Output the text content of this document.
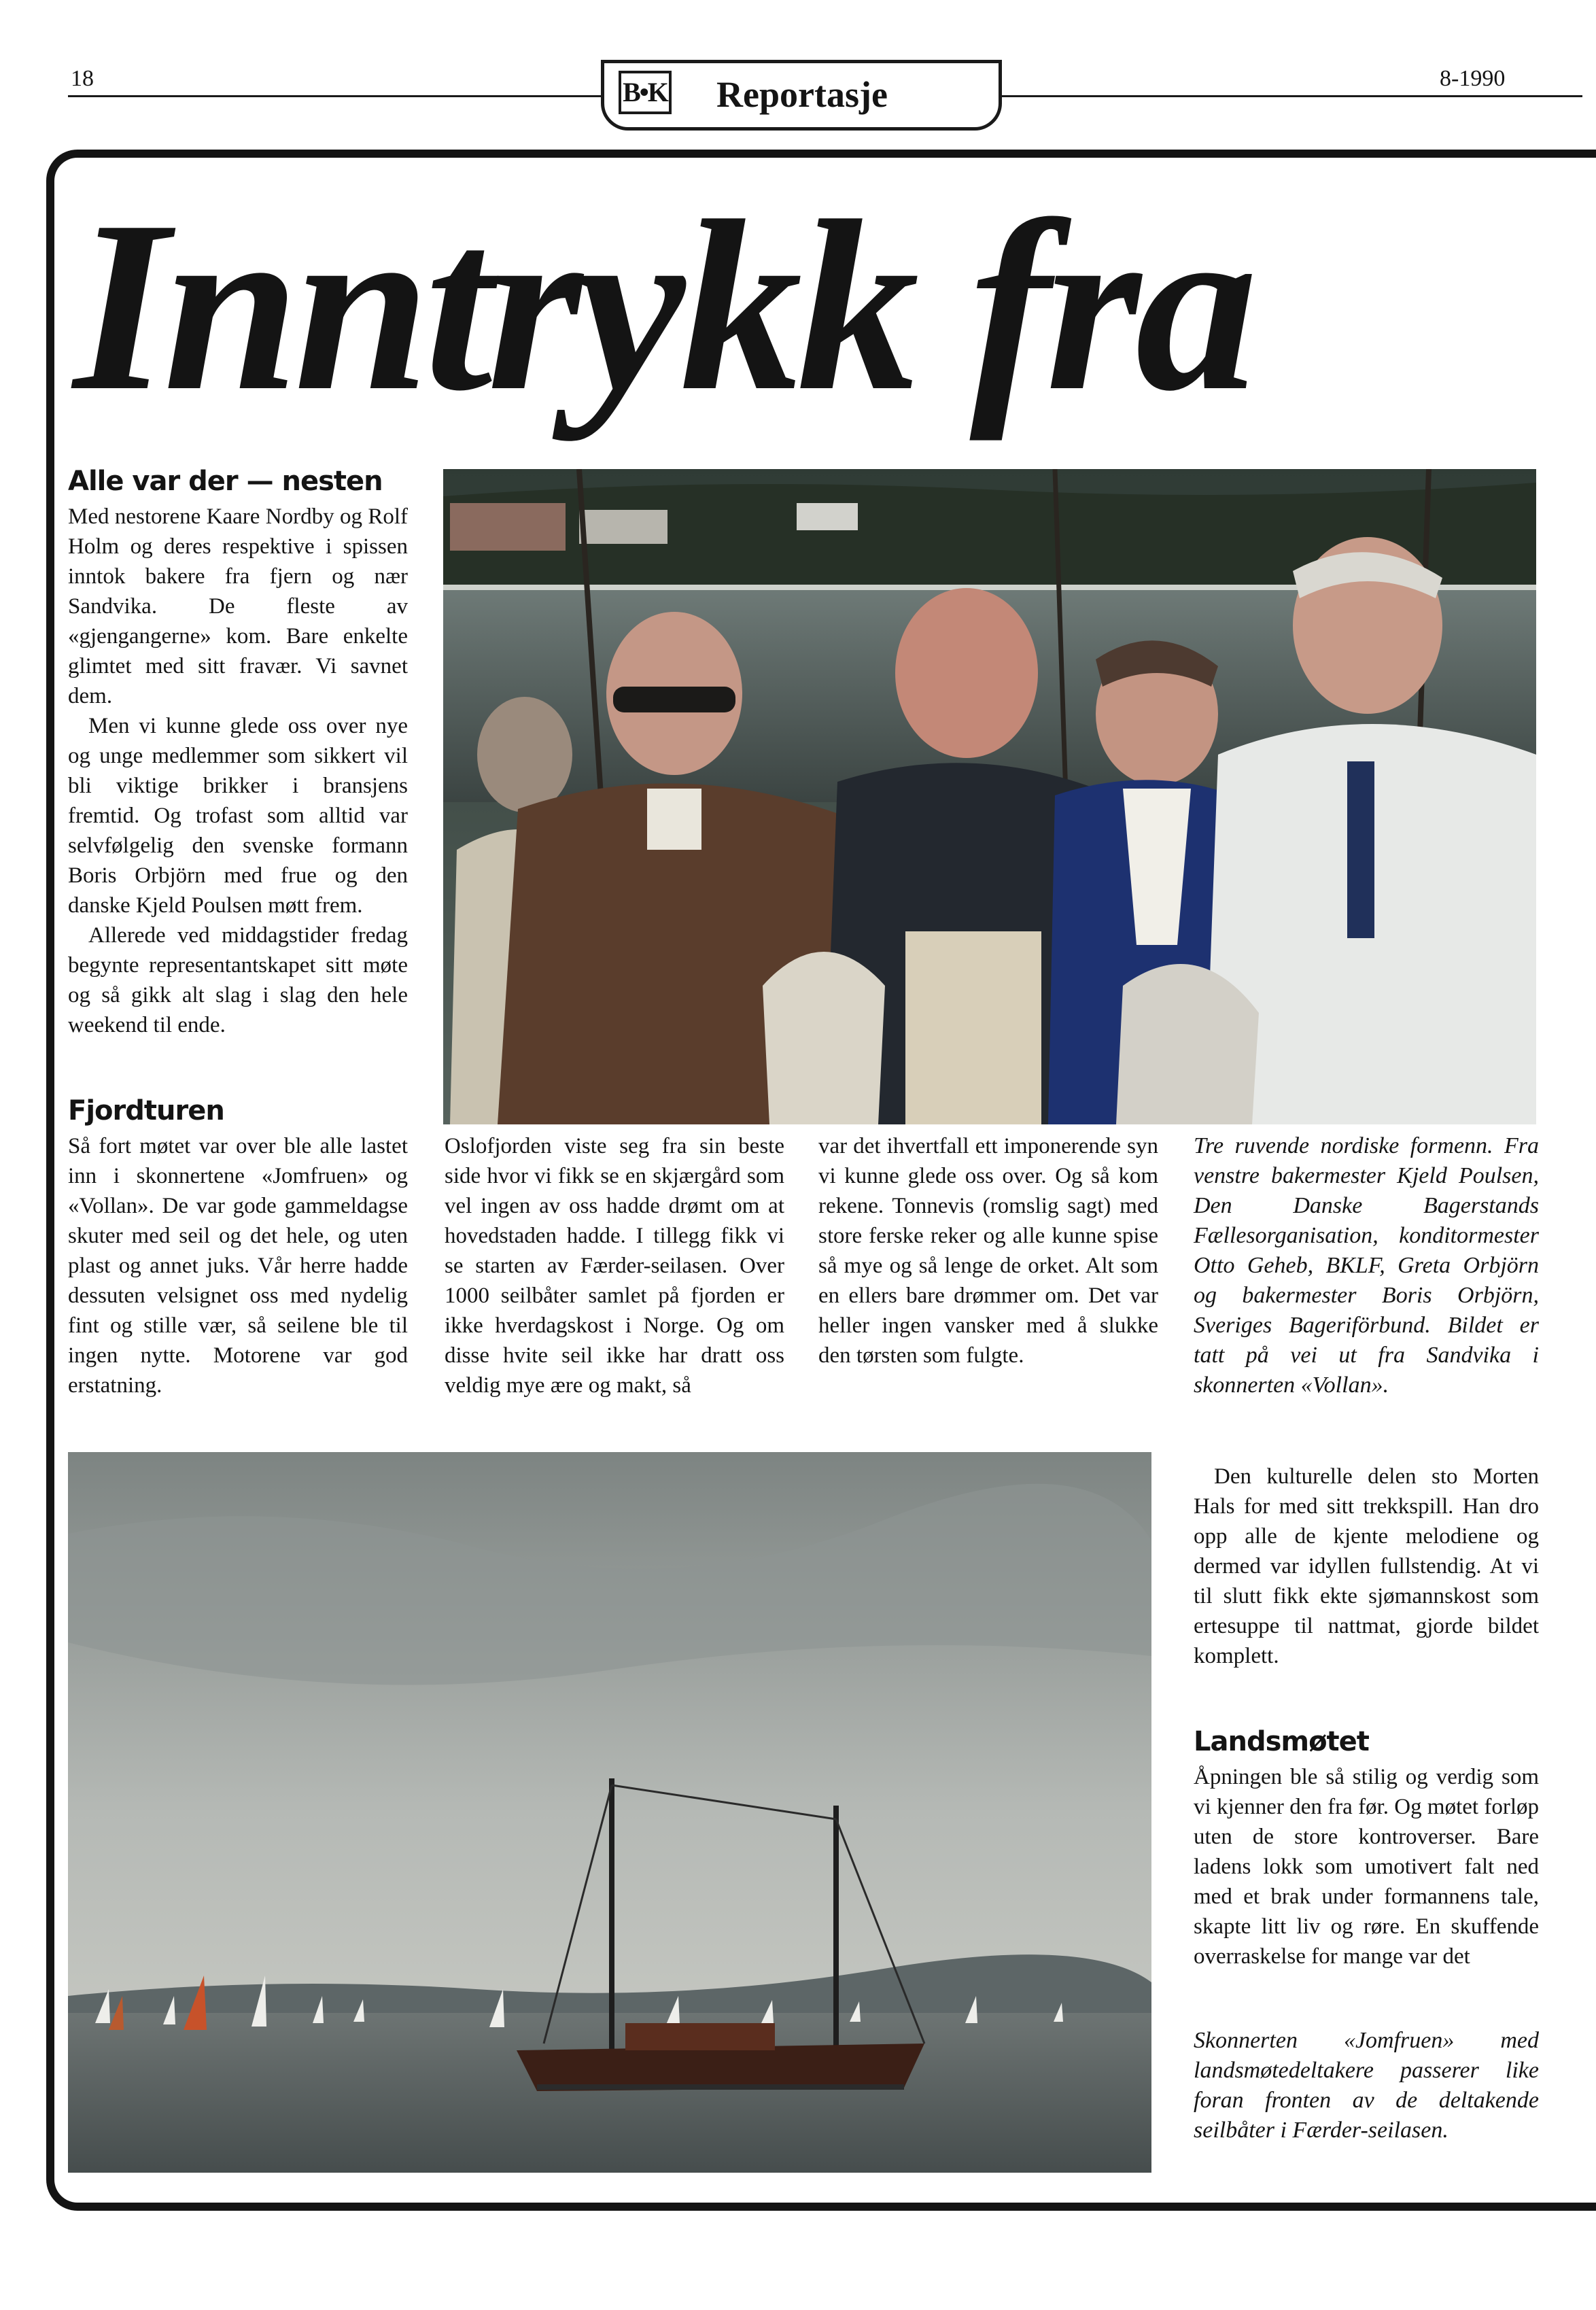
18	B•K Reportasje	8-1990
Inntrykk fra
Alle var der — nesten

Med nestorene Kaare Nordby og Rolf Holm og deres respektive i spissen inntok bakere fra fjern og nær Sandvika. De fleste av «gjengangerne» kom. Bare enkelte glimtet med sitt fravær. Vi savnet dem.

Men vi kunne glede oss over nye og unge medlemmer som sikkert vil bli viktige brikker i bransjens fremtid. Og trofast som alltid var selvfølgelig den svenske formann Boris Orbjörn med frue og den danske Kjeld Poulsen møtt frem.

Allerede ved middagstider fredag begynte representantskapet sitt møte og så gikk alt slag i slag den hele weekend til ende.

Fjordturen

Så fort møtet var over ble alle lastet inn i skonnertene «Jomfruen» og «Vollan». De var gode gammeldagse skuter med seil og det hele, og uten plast og annet juks. Vår herre hadde dessuten velsignet oss med nydelig fint og stille vær, så seilene ble til ingen nytte. Motorene var god erstatning.

Oslofjorden viste seg fra sin beste side hvor vi fikk se en skjærgård som vel ingen av oss hadde drømt om at hovedstaden hadde. I tillegg fikk vi se starten av Færder-seilasen. Over 1000 seilbåter samlet på fjorden er ikke hverdagskost i Norge. Og om disse hvite seil ikke har dratt oss veldig mye ære og makt, så

var det ihvertfall ett imponerende syn vi kunne glede oss over. Og så kom rekene. Tonnevis (romslig sagt) med store ferske reker og alle kunne spise så mye og så lenge de orket. Alt som en ellers bare drømmer om. Det var heller ingen vansker med å slukke den tørsten som fulgte.

Tre ruvende nordiske formenn. Fra venstre bakermester Kjeld Poulsen, Den Danske Bagerstands Fællesorganisation, konditormester Otto Geheb, BKLF, Greta Orbjörn og bakermester Boris Orbjörn, Sveriges Bageriförbund. Bildet er tatt på vei ut fra Sandvika i skonnerten «Vollan».

Den kulturelle delen sto Morten Hals for med sitt trekkspill. Han dro opp alle de kjente melodiene og dermed var idyllen fullstendig. At vi til slutt fikk ekte sjømannskost som ertesuppe til nattmat, gjorde bildet komplett.

Landsmøtet

Åpningen ble så stilig og verdig som vi kjenner den fra før. Og møtet forløp uten de store kontroverser. Bare ladens lokk som umotivert falt ned med et brak under formannens tale, skapte litt liv og røre. En skuffende overraskelse for mange var det

Skonnerten «Jomfruen» med landsmøtedeltakere passerer like foran fronten av de deltakende seilbåter i Færder-seilasen.
